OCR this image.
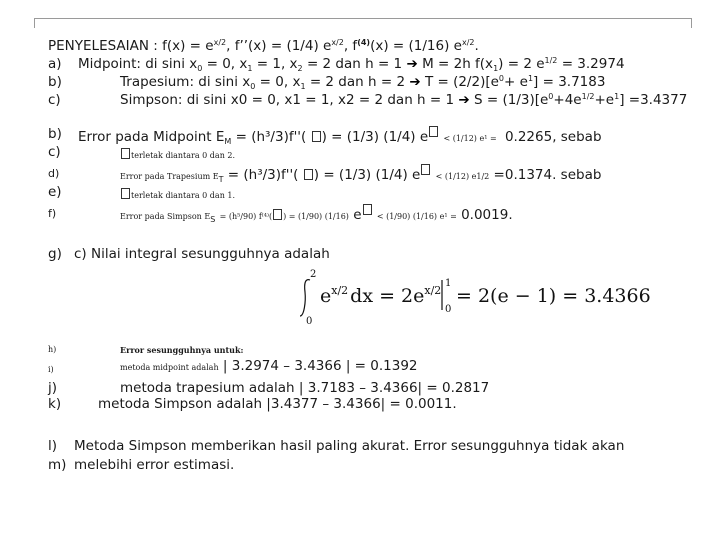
PENYELESAIAN : $f(x) = e^{x/2}$, f’’(x) = (1/4) $e^{x/2}$, $f^{(4)}(x) = (1/16)$ $e^{x/2}$.
a) Midpoint: di sini $x_0 = 0$, $x_1 = 1$, $x_2 = 2$ dan h = 1 ➔ M = 2h $f(x_1) = 2$ $e^{1/2} = 3.2974$
b)	Trapesium: di sini $x_0 = 0$, $x_1 = 2$ dan h = 2 ➔ $T = (2/2)[e^0+ e^1] = 3.7183$
c)	Simpson: di sini x0 = 0, x1 = 1, x2 = 2 dan h = 1 ➔ $S = (1/3)[e^0+4e^{1/2}+e^1] =3.4377$
b) Error pada Midpoint $E_M = (h^3/3)f''$( ) = (1/3) (1/4) e < (1/12) e¹ = 0.2265, sebab
c)	terletak diantara 0 dan 2.
d)	Error pada Trapesium $E_T = (h^3/3)f''$( ) = (1/3) (1/4) e < (1/12) e1/2 =0.1374. sebab
e)	terletak diantara 0 dan 1.
f)	Error pada Simpson $E_S = (h^5/90)$ f⁽⁴⁾( ) = (1/90) (1/16) e < (1/90) (1/16) e¹ = 0.0019.
g) c) Nilai integral sesungguhnya adalah
2
0
$e^{x/2}$ dx = $2e^{x/2}$
1
0
= 2(e − 1) = 3.4366
h)	Error sesungguhnya untuk:
i)	metoda midpoint adalah | 3.2974 – 3.4366 | = 0.1392
j)	metoda trapesium adalah | 3.7183 – 3.4366| = 0.2817
k)	metoda Simpson adalah |3.4377 – 3.4366| = 0.0011.
l) Metoda Simpson memberikan hasil paling akurat. Error sesungguhnya tidak akan
m) melebihi error estimasi.
